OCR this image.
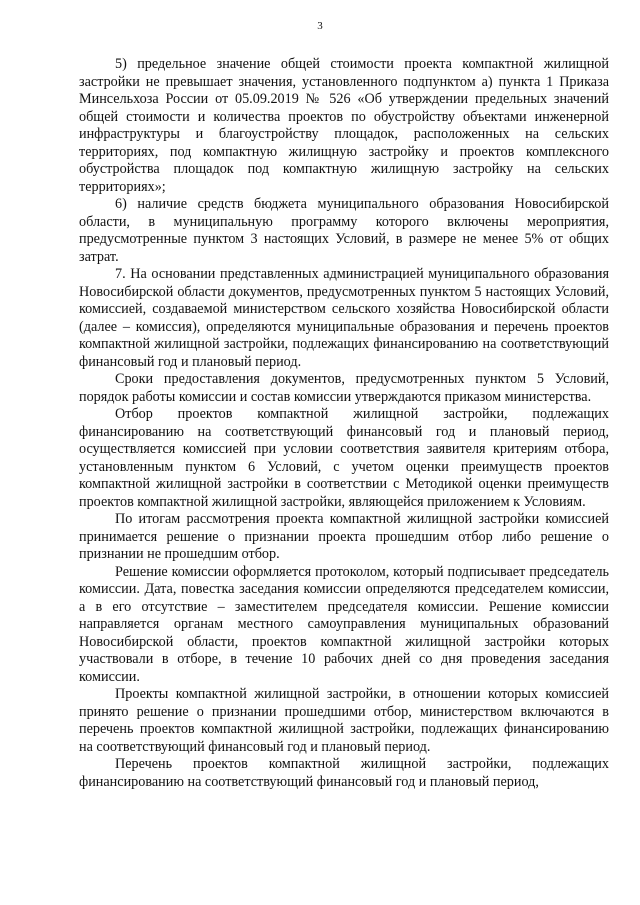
3

5) предельное значение общей стоимости проекта компактной жилищной застройки не превышает значения, установленного подпунктом а) пункта 1 Приказа Минсельхоза России от 05.09.2019 № 526 «Об утверждении предельных значений общей стоимости и количества проектов по обустройству объектами инженерной инфраструктуры и благоустройству площадок, расположенных на сельских территориях, под компактную жилищную застройку и проектов комплексного обустройства площадок под компактную жилищную застройку на сельских территориях»;

6) наличие средств бюджета муниципального образования Новосибирской области, в муниципальную программу которого включены мероприятия, предусмотренные пунктом 3 настоящих Условий, в размере не менее 5% от общих затрат.

7. На основании представленных администрацией муниципального образования Новосибирской области документов, предусмотренных пунктом 5 настоящих Условий, комиссией, создаваемой министерством сельского хозяйства Новосибирской области (далее – комиссия), определяются муниципальные образования и перечень проектов компактной жилищной застройки, подлежащих финансированию на соответствующий финансовый год и плановый период.

Сроки предоставления документов, предусмотренных пунктом 5 Условий, порядок работы комиссии и состав комиссии утверждаются приказом министерства.

Отбор проектов компактной жилищной застройки, подлежащих финансированию на соответствующий финансовый год и плановый период, осуществляется комиссией при условии соответствия заявителя критериям отбора, установленным пунктом 6 Условий, с учетом оценки преимуществ проектов компактной жилищной застройки в соответствии с Методикой оценки преимуществ проектов компактной жилищной застройки, являющейся приложением к Условиям.

По итогам рассмотрения проекта компактной жилищной застройки комиссией принимается решение о признании проекта прошедшим отбор либо решение о признании не прошедшим отбор.

Решение комиссии оформляется протоколом, который подписывает председатель комиссии. Дата, повестка заседания комиссии определяются председателем комиссии, а в его отсутствие – заместителем председателя комиссии. Решение комиссии направляется органам местного самоуправления муниципальных образований Новосибирской области, проектов компактной жилищной застройки которых участвовали в отборе, в течение 10 рабочих дней со дня проведения заседания комиссии.

Проекты компактной жилищной застройки, в отношении которых комиссией принято решение о признании прошедшими отбор, министерством включаются в перечень проектов компактной жилищной застройки, подлежащих финансированию на соответствующий финансовый год и плановый период.

Перечень проектов компактной жилищной застройки, подлежащих финансированию на соответствующий финансовый год и плановый период,
